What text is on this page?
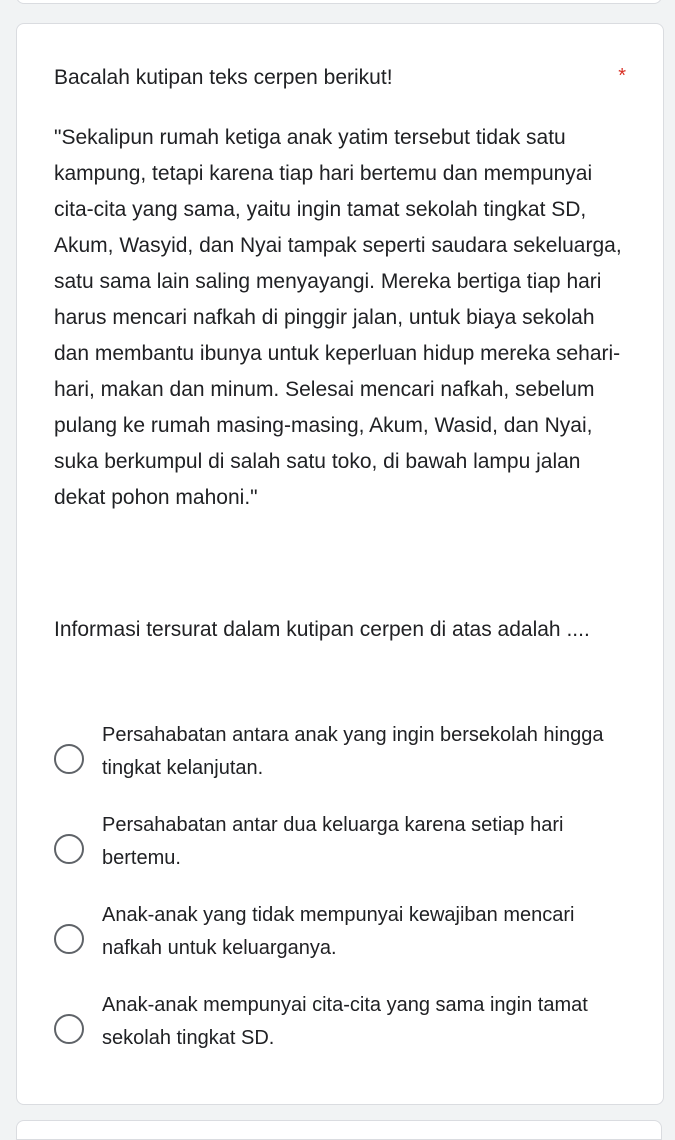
Bacalah kutipan teks cerpen berikut!	*
"Sekalipun rumah ketiga anak yatim tersebut tidak satu kampung, tetapi karena tiap hari bertemu dan mempunyai cita-cita yang sama, yaitu ingin tamat sekolah tingkat SD, Akum, Wasyid, dan Nyai tampak seperti saudara sekeluarga, satu sama lain saling menyayangi. Mereka bertiga tiap hari harus mencari nafkah di pinggir jalan, untuk biaya sekolah dan membantu ibunya untuk keperluan hidup mereka sehari-hari, makan dan minum. Selesai mencari nafkah, sebelum pulang ke rumah masing-masing, Akum, Wasid, dan Nyai, suka berkumpul di salah satu toko, di bawah lampu jalan dekat pohon mahoni."
Informasi tersurat dalam kutipan cerpen di atas adalah ....
Persahabatan antara anak yang ingin bersekolah hingga tingkat kelanjutan.
Persahabatan antar dua keluarga karena setiap hari bertemu.
Anak-anak yang tidak mempunyai kewajiban mencari nafkah untuk keluarganya.
Anak-anak mempunyai cita-cita yang sama ingin tamat sekolah tingkat SD.
